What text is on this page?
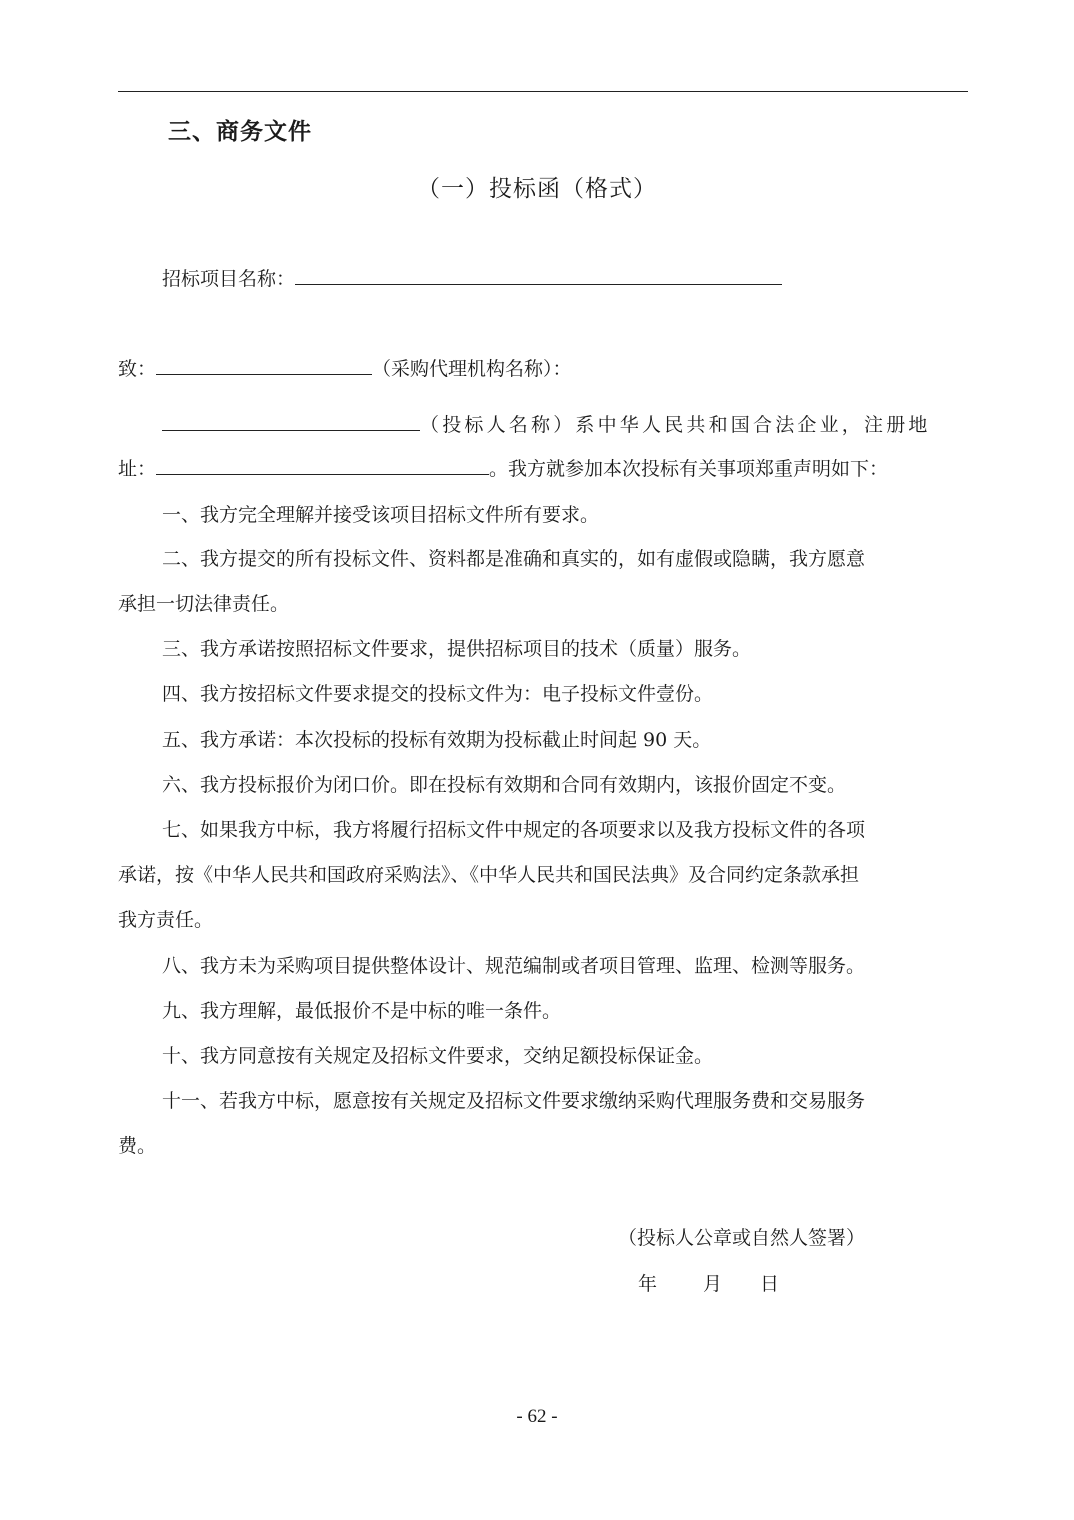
三、商务文件
（一）投标函（格式）
招标项目名称：
致：	（采购代理机构名称）：
（投标人名称）系中华人民共和国合法企业，注册地
址：	。我方就参加本次投标有关事项郑重声明如下：
一、我方完全理解并接受该项目招标文件所有要求。
二、我方提交的所有投标文件、资料都是准确和真实的，如有虚假或隐瞒，我方愿意
承担一切法律责任。
三、我方承诺按照招标文件要求，提供招标项目的技术（质量）服务。
四、我方按招标文件要求提交的投标文件为：电子投标文件壹份。
五、我方承诺：本次投标的投标有效期为投标截止时间起 90 天。
六、我方投标报价为闭口价。即在投标有效期和合同有效期内，该报价固定不变。
七、如果我方中标，我方将履行招标文件中规定的各项要求以及我方投标文件的各项
承诺，按《中华人民共和国政府采购法》、《中华人民共和国民法典》及合同约定条款承担
我方责任。
八、我方未为采购项目提供整体设计、规范编制或者项目管理、监理、检测等服务。
九、我方理解，最低报价不是中标的唯一条件。
十、我方同意按有关规定及招标文件要求，交纳足额投标保证金。
十一、若我方中标，愿意按有关规定及招标文件要求缴纳采购代理服务费和交易服务
费。
（投标人公章或自然人签署）
年 月 日
- 62 -
